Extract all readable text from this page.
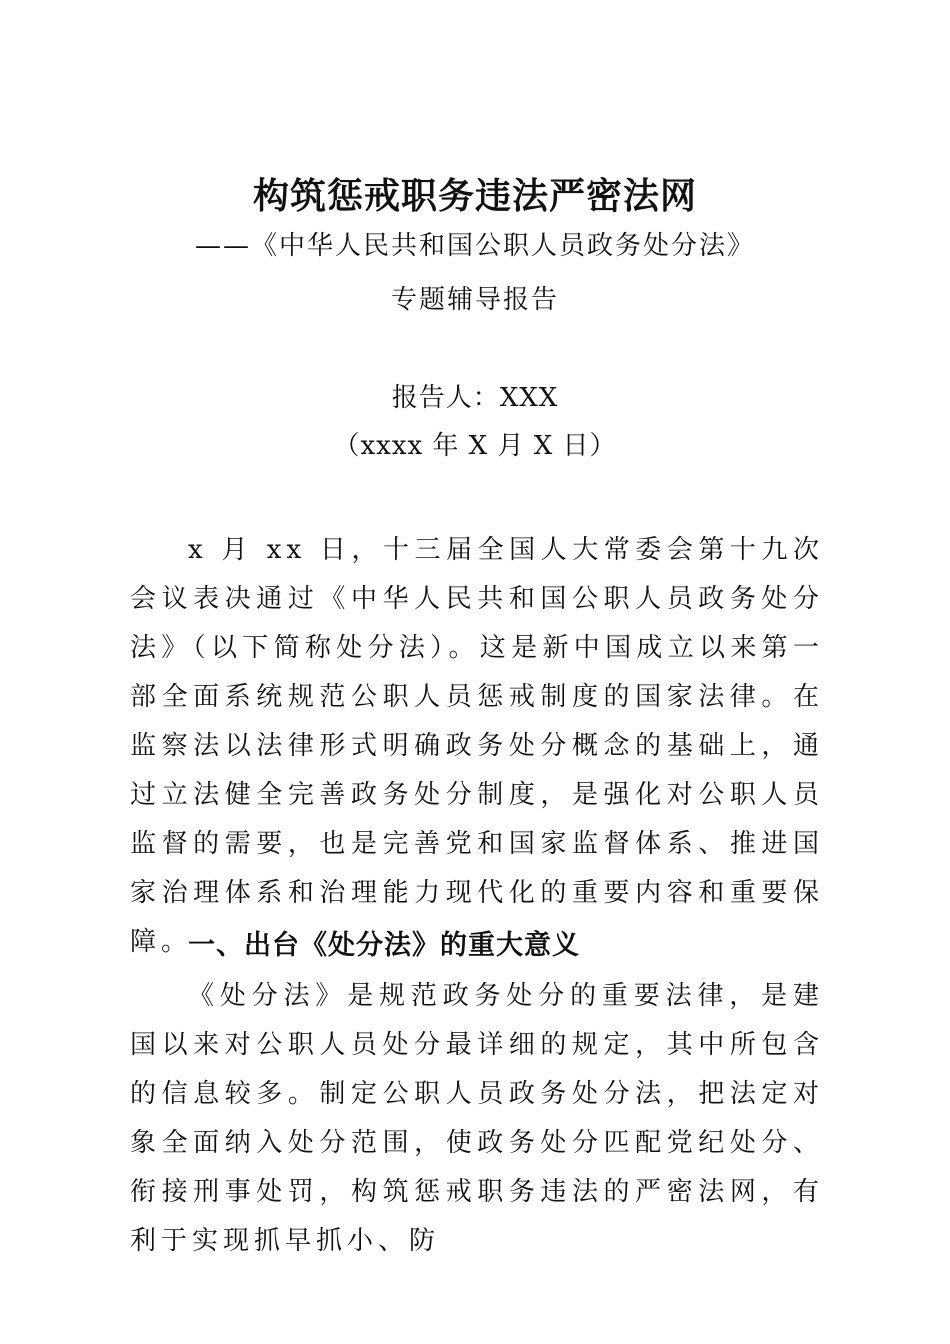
构筑惩戒职务违法严密法网
——《中华人民共和国公职人员政务处分法》
专题辅导报告
报告人：XXX
（xxxx 年 X 月 X 日）

x 月 xx 日，十三届全国人大常委会第十九次会议表决通过《中华人民共和国公职人员政务处分法》（以下简称处分法）。这是新中国成立以来第一部全面系统规范公职人员惩戒制度的国家法律。在监察法以法律形式明确政务处分概念的基础上，通过立法健全完善政务处分制度，是强化对公职人员监督的需要，也是完善党和国家监督体系、推进国家治理体系和治理能力现代化的重要内容和重要保障。

一、出台《处分法》的重大意义

《处分法》是规范政务处分的重要法律，是建国以来对公职人员处分最详细的规定，其中所包含的信息较多。制定公职人员政务处分法，把法定对象全面纳入处分范围，使政务处分匹配党纪处分、衔接刑事处罚，构筑惩戒职务违法的严密法网，有利于实现抓早抓小、防
